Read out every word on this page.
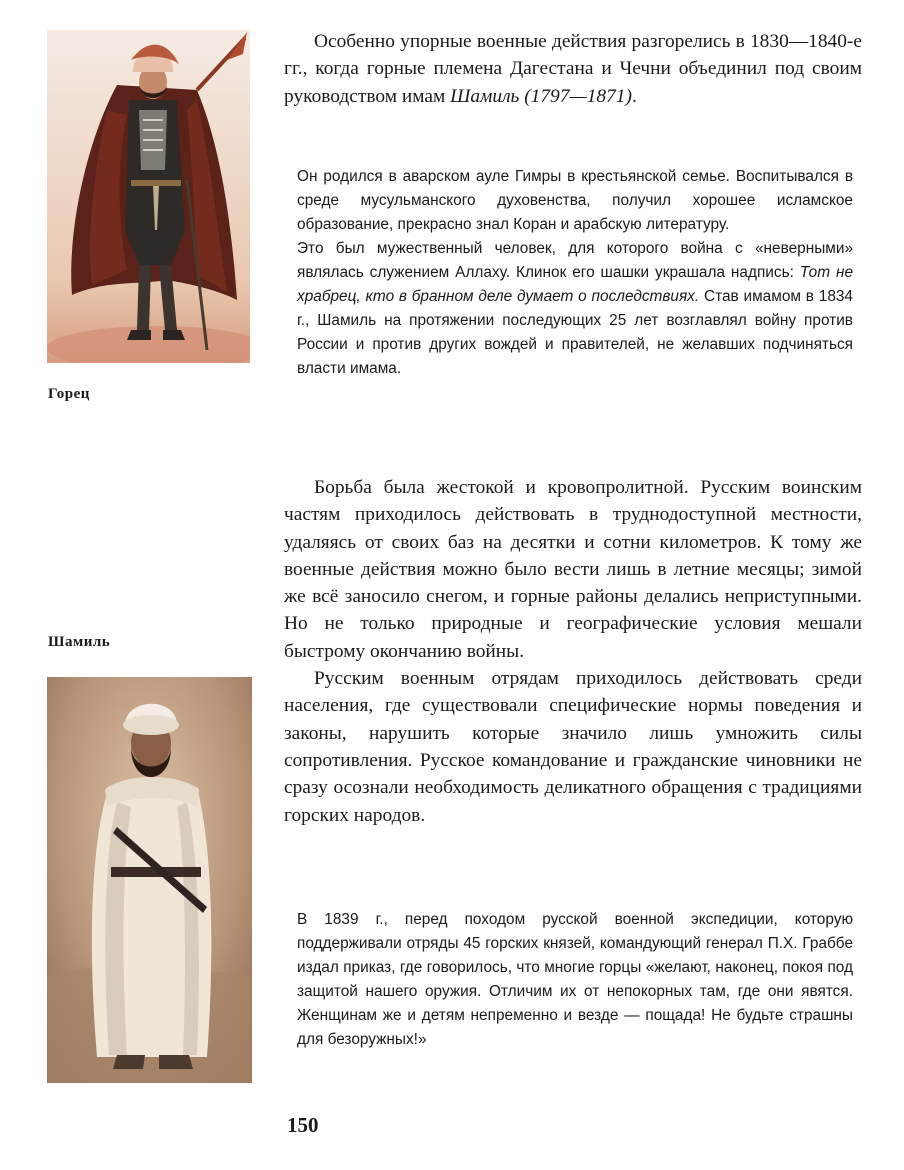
Горец
Шамиль

Особенно упорные военные действия разгорелись в 1830—1840-е гг., когда горные племена Дагестана и Чечни объединил под своим руководством имам Шамиль (1797—1871).

Он родился в аварском ауле Гимры в крестьянской семье. Воспитывался в среде мусульманского духовенства, получил хорошее исламское образование, прекрасно знал Коран и арабскую литературу.

Это был мужественный человек, для которого война с «неверными» являлась служением Аллаху. Клинок его шашки украшала надпись: Тот не храбрец, кто в бранном деле думает о последствиях. Став имамом в 1834 г., Шамиль на протяжении последующих 25 лет возглавлял войну против России и против других вождей и правителей, не желавших подчиняться власти имама.

Борьба была жестокой и кровопролитной. Русским воинским частям приходилось действовать в труднодоступной местности, удаляясь от своих баз на десятки и сотни километров. К тому же военные действия можно было вести лишь в летние месяцы; зимой же всё заносило снегом, и горные районы делались неприступными. Но не только природные и географические условия мешали быстрому окончанию войны.

Русским военным отрядам приходилось действовать среди населения, где существовали специфические нормы поведения и законы, нарушить которые значило лишь умножить силы сопротивления. Русское командование и гражданские чиновники не сразу осознали необходимость деликатного обращения с традициями горских народов.

В 1839 г., перед походом русской военной экспедиции, которую поддерживали отряды 45 горских князей, командующий генерал П.Х. Граббе издал приказ, где говорилось, что многие горцы «желают, наконец, покоя под защитой нашего оружия. Отличим их от непокорных там, где они явятся. Женщинам же и детям непременно и везде — пощада! Не будьте страшны для безоружных!»

150
